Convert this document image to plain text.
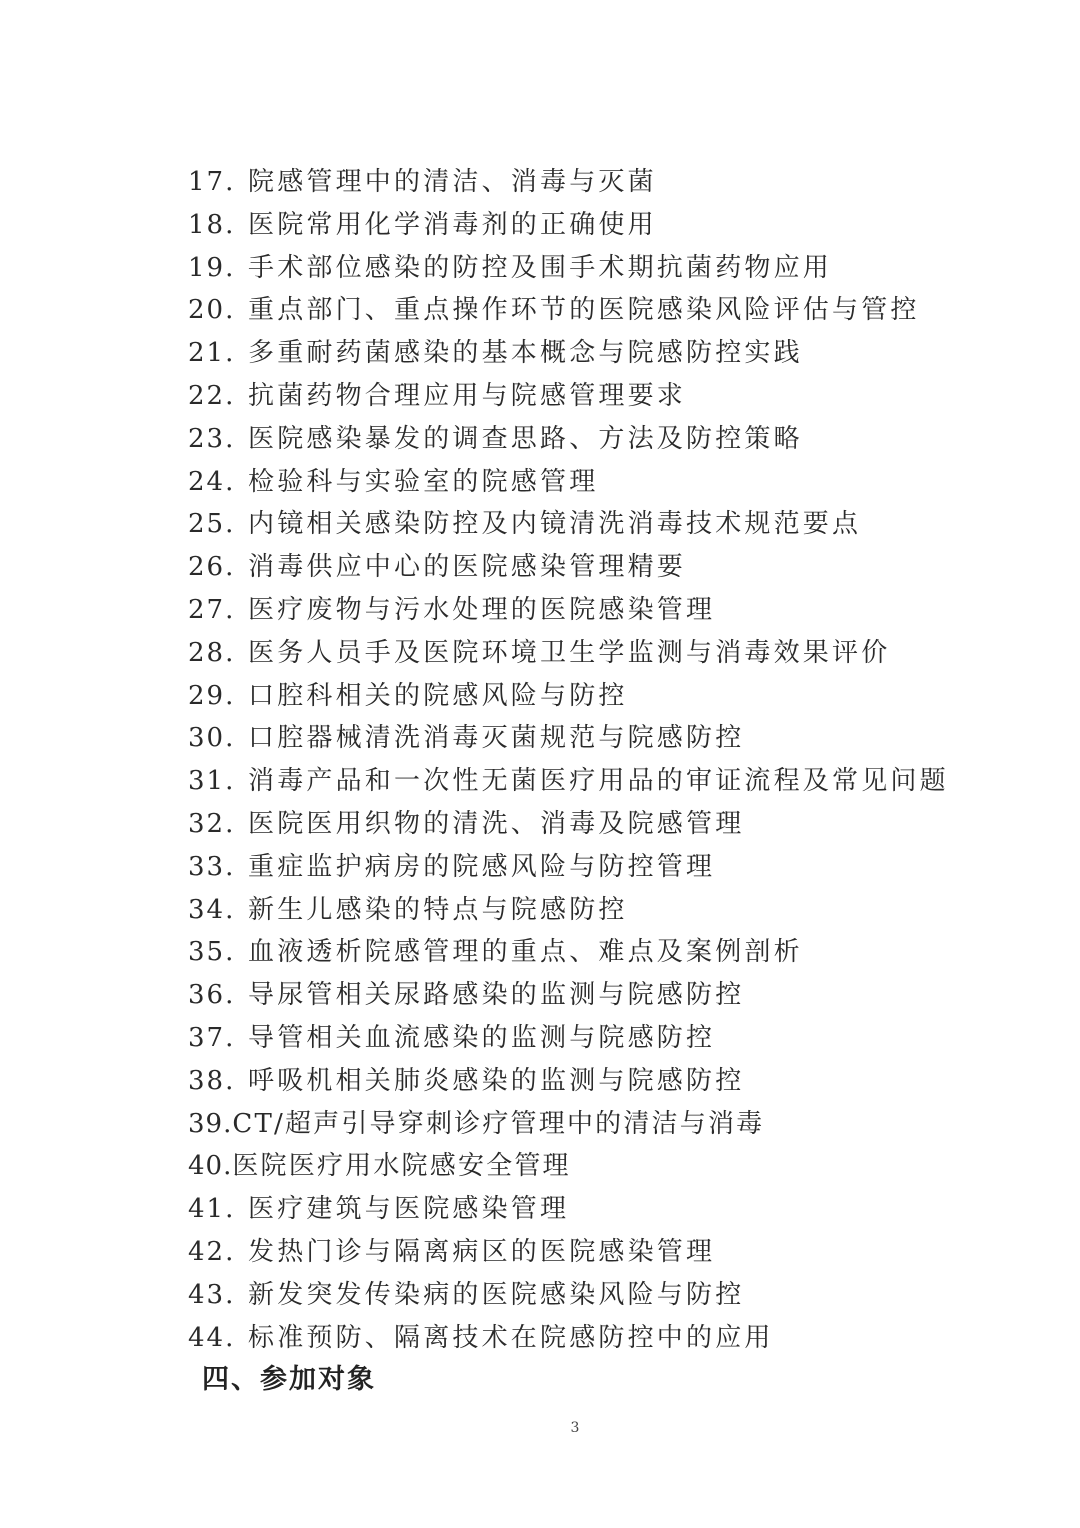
17. 院感管理中的清洁、消毒与灭菌
18. 医院常用化学消毒剂的正确使用
19. 手术部位感染的防控及围手术期抗菌药物应用
20. 重点部门、重点操作环节的医院感染风险评估与管控
21. 多重耐药菌感染的基本概念与院感防控实践
22. 抗菌药物合理应用与院感管理要求
23. 医院感染暴发的调查思路、方法及防控策略
24. 检验科与实验室的院感管理
25. 内镜相关感染防控及内镜清洗消毒技术规范要点
26. 消毒供应中心的医院感染管理精要
27. 医疗废物与污水处理的医院感染管理
28. 医务人员手及医院环境卫生学监测与消毒效果评价
29. 口腔科相关的院感风险与防控
30. 口腔器械清洗消毒灭菌规范与院感防控
31. 消毒产品和一次性无菌医疗用品的审证流程及常见问题
32. 医院医用织物的清洗、消毒及院感管理
33. 重症监护病房的院感风险与防控管理
34. 新生儿感染的特点与院感防控
35. 血液透析院感管理的重点、难点及案例剖析
36. 导尿管相关尿路感染的监测与院感防控
37. 导管相关血流感染的监测与院感防控
38. 呼吸机相关肺炎感染的监测与院感防控
39.CT/超声引导穿刺诊疗管理中的清洁与消毒
40.医院医疗用水院感安全管理
41. 医疗建筑与医院感染管理
42. 发热门诊与隔离病区的医院感染管理
43. 新发突发传染病的医院感染风险与防控
44. 标准预防、隔离技术在院感防控中的应用
四、参加对象
3
